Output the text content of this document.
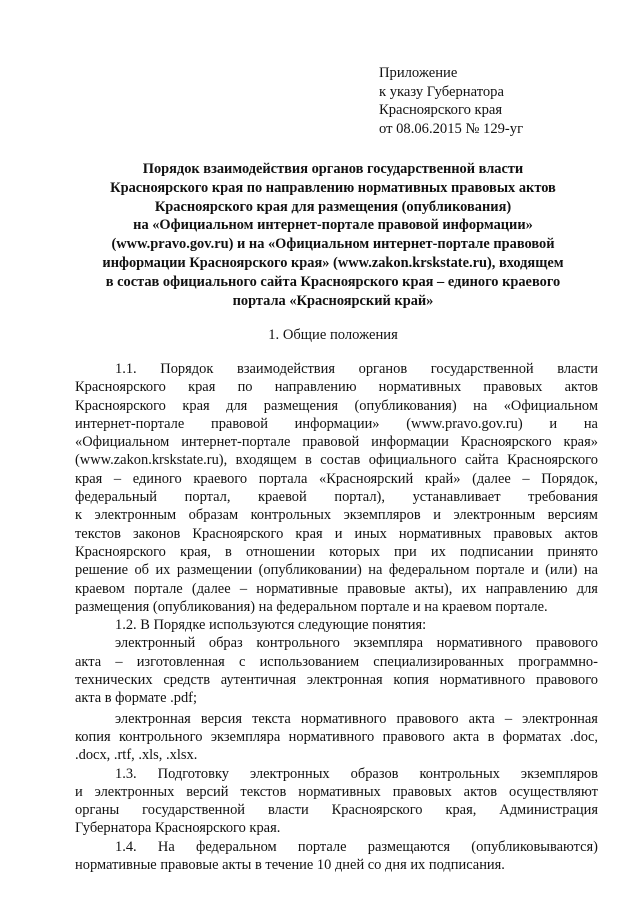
Приложение
к указу Губернатора
Красноярского края
от 08.06.2015 № 129-уг
Порядок взаимодействия органов государственной власти
Красноярского края по направлению нормативных правовых актов
Красноярского края для размещения (опубликования)
на «Официальном интернет-портале правовой информации»
(www.pravo.gov.ru) и на «Официальном интернет-портале правовой
информации Красноярского края» (www.zakon.krskstate.ru), входящем
в состав официального сайта Красноярского края – единого краевого
портала «Красноярский край»
1. Общие положения
1.1. Порядок взаимодействия органов государственной власти
Красноярского края по направлению нормативных правовых актов
Красноярского края для размещения (опубликования) на «Официальном
интернет-портале правовой информации» (www.pravo.gov.ru) и на
«Официальном интернет-портале правовой информации Красноярского края»
(www.zakon.krskstate.ru), входящем в состав официального сайта Красноярского
края – единого краевого портала «Красноярский край» (далее – Порядок,
федеральный портал, краевой портал), устанавливает требования
к электронным образам контрольных экземпляров и электронным версиям
текстов законов Красноярского края и иных нормативных правовых актов
Красноярского края, в отношении которых при их подписании принято
решение об их размещении (опубликовании) на федеральном портале и (или) на
краевом портале (далее – нормативные правовые акты), их направлению для
размещения (опубликования) на федеральном портале и на краевом портале.
1.2. В Порядке используются следующие понятия:
электронный образ контрольного экземпляра нормативного правового
акта – изготовленная с использованием специализированных программно-
технических средств аутентичная электронная копия нормативного правового
акта в формате .pdf;
электронная версия текста нормативного правового акта – электронная
копия контрольного экземпляра нормативного правового акта в форматах .doc,
.docx, .rtf, .xls, .xlsx.
1.3. Подготовку электронных образов контрольных экземпляров
и электронных версий текстов нормативных правовых актов осуществляют
органы государственной власти Красноярского края, Администрация
Губернатора Красноярского края.
1.4. На федеральном портале размещаются (опубликовываются)
нормативные правовые акты в течение 10 дней со дня их подписания.
